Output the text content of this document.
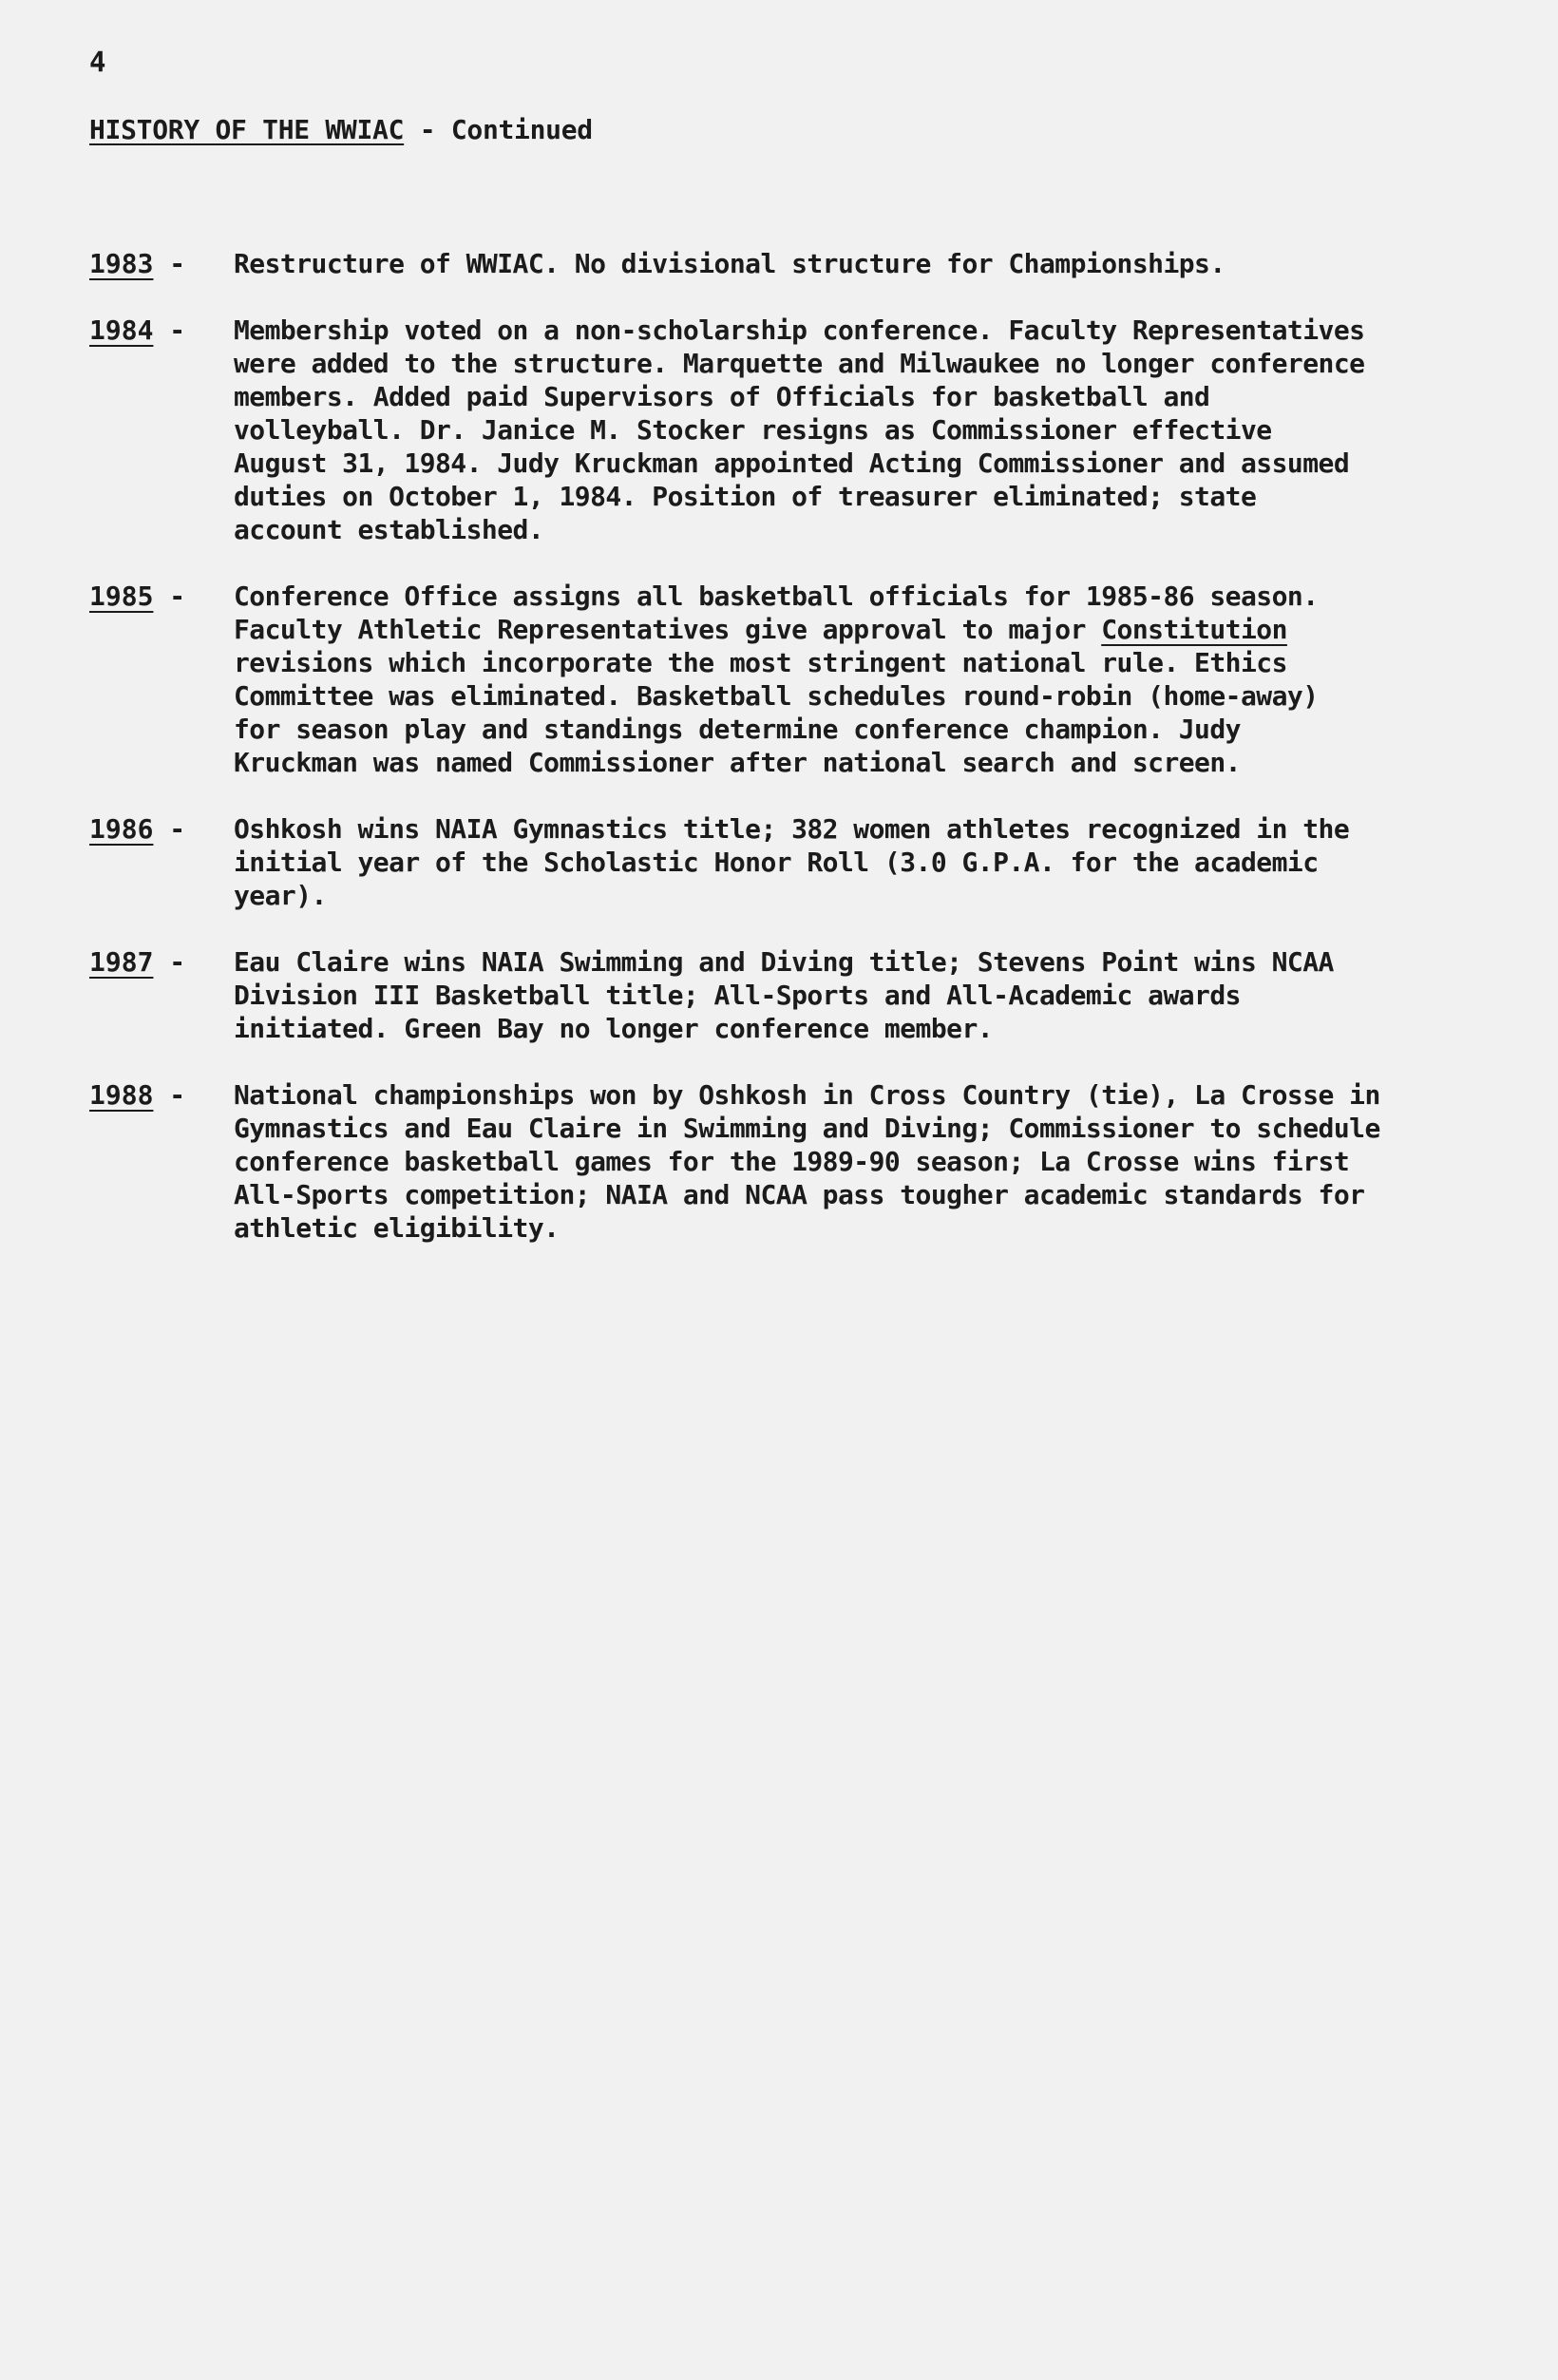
4
HISTORY OF THE WWIAC - Continued
1983 -	Restructure of WWIAC. No divisional structure for Championships.
1984 -	Membership voted on a non-scholarship conference. Faculty Representatives
were added to the structure. Marquette and Milwaukee no longer conference
members. Added paid Supervisors of Officials for basketball and
volleyball. Dr. Janice M. Stocker resigns as Commissioner effective
August 31, 1984. Judy Kruckman appointed Acting Commissioner and assumed
duties on October 1, 1984. Position of treasurer eliminated; state
account established.
1985 -	Conference Office assigns all basketball officials for 1985-86 season.
Faculty Athletic Representatives give approval to major Constitution
revisions which incorporate the most stringent national rule. Ethics
Committee was eliminated. Basketball schedules round-robin (home-away)
for season play and standings determine conference champion. Judy
Kruckman was named Commissioner after national search and screen.
1986 -	Oshkosh wins NAIA Gymnastics title; 382 women athletes recognized in the
initial year of the Scholastic Honor Roll (3.0 G.P.A. for the academic
year).
1987 -	Eau Claire wins NAIA Swimming and Diving title; Stevens Point wins NCAA
Division III Basketball title; All-Sports and All-Academic awards
initiated. Green Bay no longer conference member.
1988 -	National championships won by Oshkosh in Cross Country (tie), La Crosse in
Gymnastics and Eau Claire in Swimming and Diving; Commissioner to schedule
conference basketball games for the 1989-90 season; La Crosse wins first
All-Sports competition; NAIA and NCAA pass tougher academic standards for
athletic eligibility.
